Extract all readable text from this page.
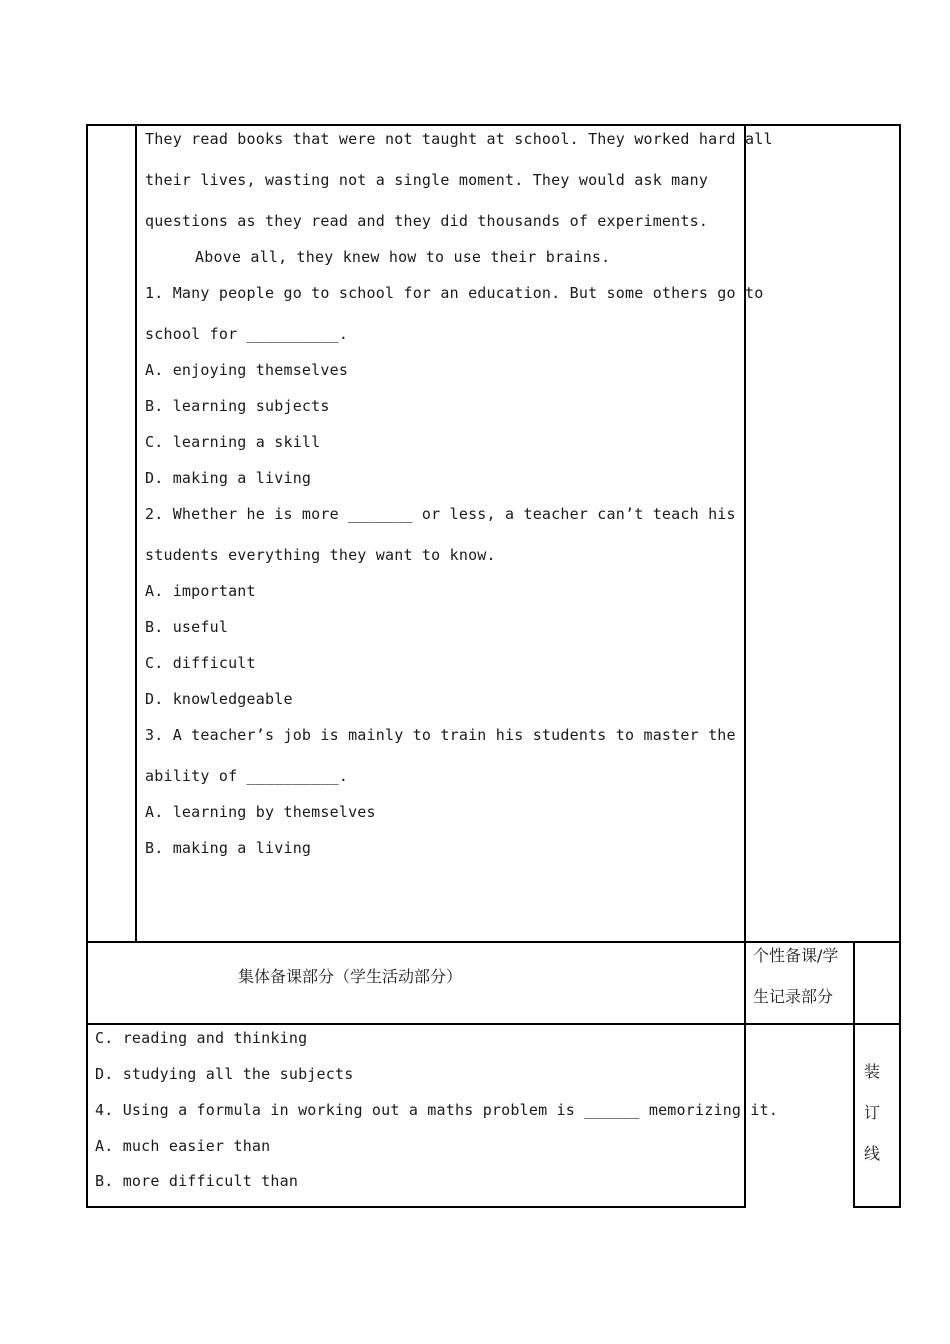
They read books that were not taught at school. They worked hard all
their lives, wasting not a single moment. They would ask many
questions as they read and they did thousands of experiments.
Above all, they knew how to use their brains.
1. Many people go to school for an education. But some others go to
school for __________.
A. enjoying themselves
B. learning subjects
C. learning a skill
D. making a living
2. Whether he is more _______ or less, a teacher can’t teach his
students everything they want to know.
A. important
B. useful
C. difficult
D. knowledgeable
3. A teacher’s job is mainly to train his students to master the
ability of __________.
A. learning by themselves
B. making a living
集体备课部分（学生活动部分）
个性备课/学
生记录部分
C. reading and thinking
D. studying all the subjects
4. Using a formula in working out a maths problem is ______ memorizing it.
A. much easier than
B. more difficult than
装
订
线
